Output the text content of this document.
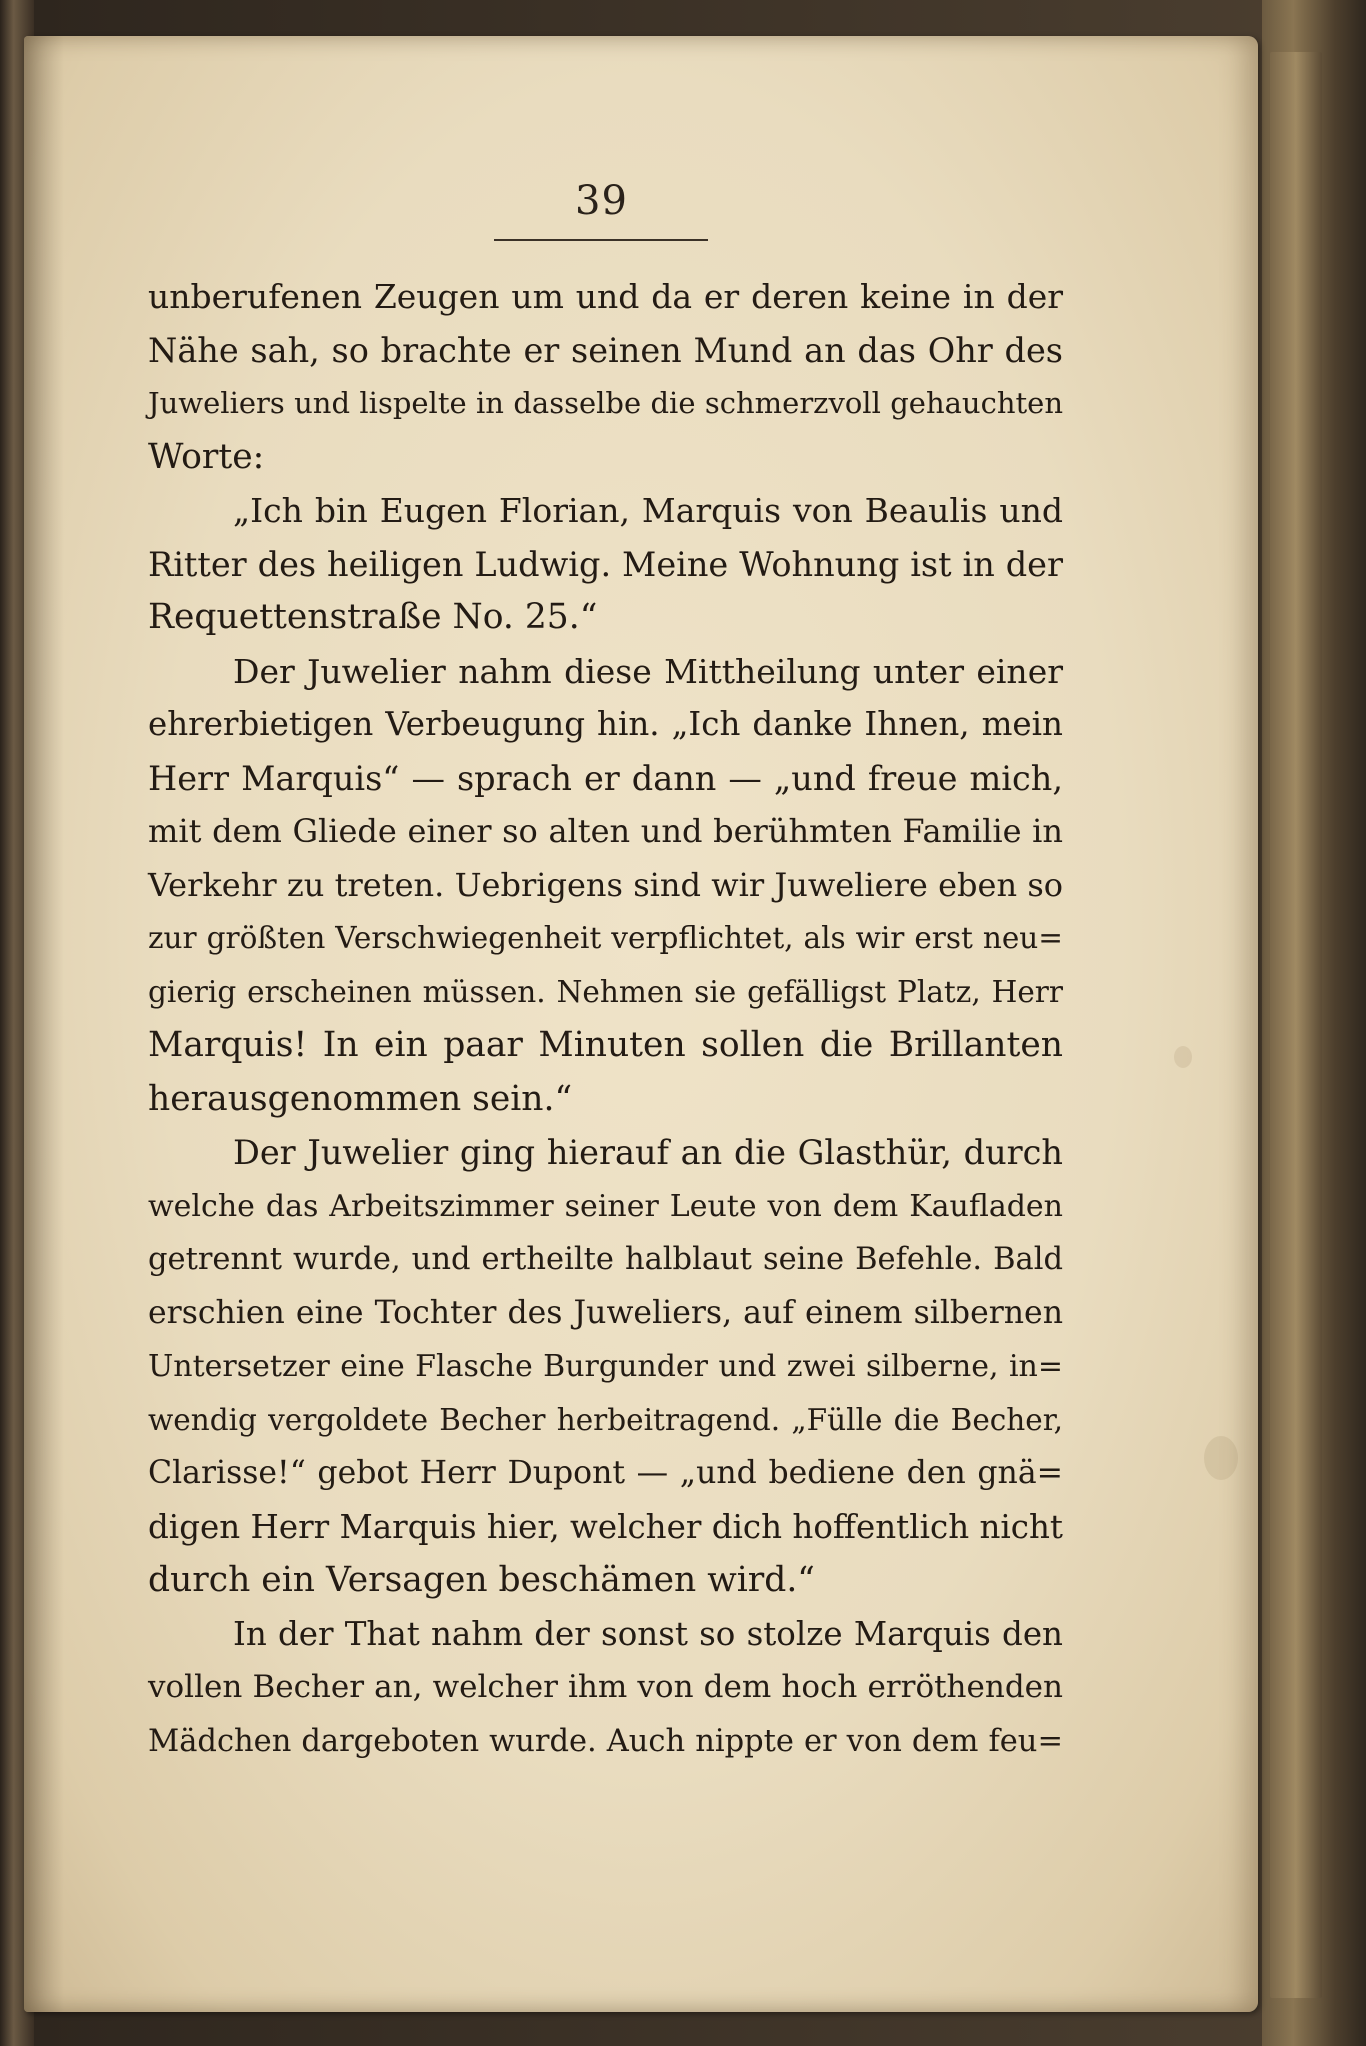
39
unberufenen Zeugen um und da er deren keine in der
Nähe sah, so brachte er seinen Mund an das Ohr des
Juweliers und lispelte in dasselbe die schmerzvoll gehauchten
Worte:
„Ich bin Eugen Florian, Marquis von Beaulis und
Ritter des heiligen Ludwig. Meine Wohnung ist in der
Requettenstraße No. 25.“
Der Juwelier nahm diese Mittheilung unter einer
ehrerbietigen Verbeugung hin. „Ich danke Ihnen, mein
Herr Marquis“ — sprach er dann — „und freue mich,
mit dem Gliede einer so alten und berühmten Familie in
Verkehr zu treten. Uebrigens sind wir Juweliere eben so
zur größten Verschwiegenheit verpflichtet, als wir erst neu=
gierig erscheinen müssen. Nehmen sie gefälligst Platz, Herr
Marquis! In ein paar Minuten sollen die Brillanten
herausgenommen sein.“
Der Juwelier ging hierauf an die Glasthür, durch
welche das Arbeitszimmer seiner Leute von dem Kaufladen
getrennt wurde, und ertheilte halblaut seine Befehle. Bald
erschien eine Tochter des Juweliers, auf einem silbernen
Untersetzer eine Flasche Burgunder und zwei silberne, in=
wendig vergoldete Becher herbeitragend. „Fülle die Becher,
Clarisse!“ gebot Herr Dupont — „und bediene den gnä=
digen Herr Marquis hier, welcher dich hoffentlich nicht
durch ein Versagen beschämen wird.“
In der That nahm der sonst so stolze Marquis den
vollen Becher an, welcher ihm von dem hoch erröthenden
Mädchen dargeboten wurde. Auch nippte er von dem feu=
